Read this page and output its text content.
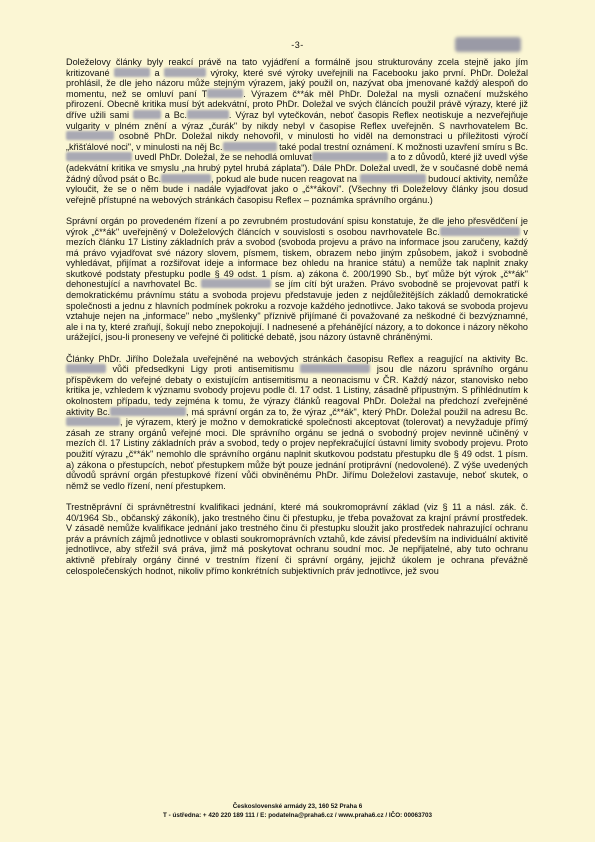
-3-

Doleželovy články byly reakcí právě na tato vyjádření a formálně jsou strukturovány zcela stejně jako jím kritizované	a	výroky, které své výroky uveřejnili na Facebooku jako první. PhDr. Doležal prohlásil, že dle jeho názoru může stejným výrazem, jaký použil on, nazývat oba jmenované každý alespoň do momentu, než se omluví paní T	. Výrazem č**ák měl PhDr. Doležal na mysli označení mužského přirození. Obecně kritika musí být adekvátní, proto PhDr. Doležal ve svých článcích použil právě výrazy, které již dříve užili sami	a Bc.	. Výraz byl vytečkován, neboť časopis Reflex neotiskuje a nezveřejňuje vulgarity v plném znění a výraz „čurák" by nikdy nebyl v časopise Reflex uveřejněn. S navrhovatelem Bc. osobně PhDr. Doležal nikdy nehovořil, v minulosti ho viděl na demonstraci u příležitosti výročí „křišťálové noci", v minulosti na něj Bc.	také podal trestní oznámení. K možnosti uzavření smíru s Bc. uvedl PhDr. Doležal, že se nehodlá omluvat	a to z důvodů, které již uvedl výše (adekvátní kritika ve smyslu „na hrubý pytel hrubá záplata"). Dále PhDr. Doležal uvedl, že v současné době nemá žádný důvod psát o Bc.	, pokud ale bude nucen reagovat na	budoucí aktivity, nemůže vyloučit, že se o něm bude i nadále vyjadřovat jako o „č**ákovi". (Všechny tři Doleželovy články jsou dosud veřejně přístupné na webových stránkách časopisu Reflex – poznámka správního orgánu.)

Správní orgán po provedeném řízení a po zevrubném prostudování spisu konstatuje, že dle jeho přesvědčení je výrok „č**ák" uveřejněný v Doleželových článcích v souvislosti s osobou navrhovatele Bc.	v mezích článku 17 Listiny základních práv a svobod (svoboda projevu a právo na informace jsou zaručeny, každý má právo vyjadřovat své názory slovem, písmem, tiskem, obrazem nebo jiným způsobem, jakož i svobodně vyhledávat, přijímat a rozšiřovat ideje a informace bez ohledu na hranice státu) a nemůže tak naplnit znaky skutkové podstaty přestupku podle § 49 odst. 1 písm. a) zákona č. 200/1990 Sb., byť může být výrok „č**ák" dehonestující a navrhovatel Bc.	se jím cítí být uražen. Právo svobodně se projevovat patří k demokratickému právnímu státu a svoboda projevu představuje jeden z nejdůležitějších základů demokratické společnosti a jednu z hlavních podmínek pokroku a rozvoje každého jednotlivce. Jako taková se svoboda projevu vztahuje nejen na „informace" nebo „myšlenky" příznivě přijímané či považované za neškodné či bezvýznamné, ale i na ty, které zraňují, šokují nebo znepokojují. I nadnesené a přehánějící názory, a to dokonce i názory někoho urážející, jsou-li proneseny ve veřejné či politické debatě, jsou názory ústavně chráněnými.

Články PhDr. Jiřího Doležala uveřejněné na webových stránkách časopisu Reflex a reagující na aktivity Bc. vůči předsedkyni Ligy proti antisemitismu	jsou dle názoru správního orgánu příspěvkem do veřejné debaty o existujícím antisemitismu a neonacismu v ČR. Každý názor, stanovisko nebo kritika je, vzhledem k významu svobody projevu podle čl. 17 odst. 1 Listiny, zásadně přípustným. S přihlédnutím k okolnostem případu, tedy zejména k tomu, že výrazy článků reagoval PhDr. Doležal na předchozí zveřejněné aktivity Bc.	, má správní orgán za to, že výraz „č**ák", který PhDr. Doležal použil na adresu Bc., je výrazem, který je možno v demokratické společnosti akceptovat (tolerovat) a nevyžaduje přímý zásah ze strany orgánů veřejné moci. Dle správního orgánu se jedná o svobodný projev nevinně učiněný v mezích čl. 17 Listiny základních práv a svobod, tedy o projev nepřekračující ústavní limity svobody projevu. Proto použití výrazu „č**ák" nemohlo dle správního orgánu naplnit skutkovou podstatu přestupku dle § 49 odst. 1 písm. a) zákona o přestupcích, neboť přestupkem může být pouze jednání protiprávní (nedovolené). Z výše uvedených důvodů správní orgán přestupkové řízení vůči obviněnému PhDr. Jiřímu Doleželovi zastavuje, neboť skutek, o němž se vedlo řízení, není přestupkem.

Trestněprávní či správnětrestní kvalifikaci jednání, které má soukromoprávní základ (viz § 11 a násl. zák. č. 40/1964 Sb., občanský zákoník), jako trestného činu či přestupku, je třeba považovat za krajní právní prostředek. V zásadě nemůže kvalifikace jednání jako trestného činu či přestupku sloužit jako prostředek nahrazující ochranu práv a právních zájmů jednotlivce v oblasti soukromoprávních vztahů, kde závisí především na individuální aktivitě jednotlivce, aby střežil svá práva, jimž má poskytovat ochranu soudní moc. Je nepřijatelné, aby tuto ochranu aktivně přebíraly orgány činné v trestním řízení či správní orgány, jejichž úkolem je ochrana převážně celospolečenských hodnot, nikoliv přímo konkrétních subjektivních práv jednotlivce, jež svou

Československé armády 23, 160 52 Praha 6
T - ústředna: + 420 220 189 111 / E: podatelna@praha6.cz / www.praha6.cz / IČO: 00063703
